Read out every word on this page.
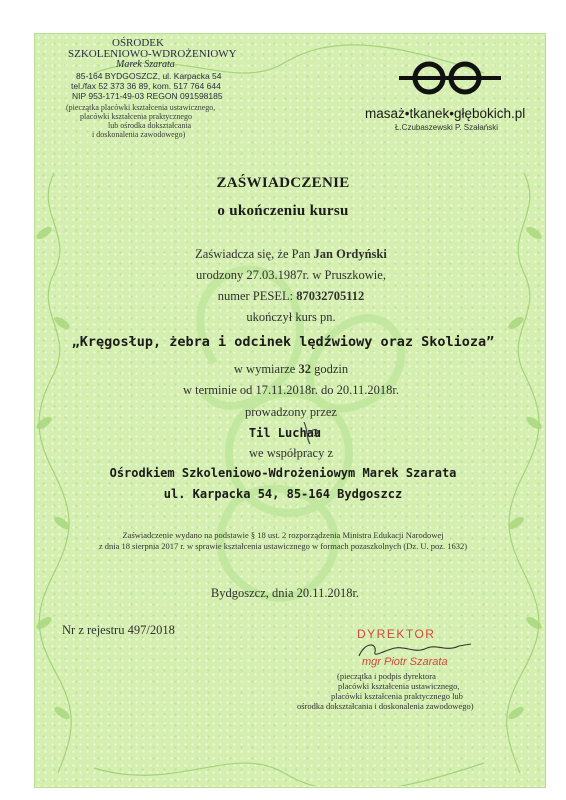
OŚRODEK
SZKOLENIOWO-WDROŻENIOWY
Marek Szarata
85-164 BYDGOSZCZ, ul. Karpacka 54
tel./fax 52 373 36 89, kom. 517 764 644
NIP 953-171-49-03 REGON 091598185
(pieczątka placówki kształcenia ustawicznego,
placówki kształcenia praktycznego
lub ośrodka dokształcania
i doskonalenia zawodowego)
masaż•tkanek•głębokich.pl
Ł.Czubaszewski P. Szałański
ZAŚWIADCZENIE
o ukończeniu kursu
Zaświadcza się, że Pan Jan Ordyński
urodzony 27.03.1987r. w Pruszkowie,
numer PESEL: 87032705112
ukończył kurs pn.
„Kręgosłup, żebra i odcinek lędźwiowy oraz Skolioza”
w wymiarze 32 godzin
w terminie od 17.11.2018r. do 20.11.2018r.
prowadzony przez
Til Luchau
we współpracy z
Ośrodkiem Szkoleniowo-Wdrożeniowym Marek Szarata
ul. Karpacka 54, 85-164 Bydgoszcz
Zaświadczenie wydano na podstawie § 18 ust. 2 rozporządzenia Ministra Edukacji Narodowej
z dnia 18 sierpnia 2017 r. w sprawie kształcenia ustawicznego w formach pozaszkolnych (Dz. U. poz. 1632)
Bydgoszcz, dnia 20.11.2018r.
Nr z rejestru 497/2018	DYREKTOR
mgr Piotr Szarata
(pieczątka i podpis dyrektora
placówki kształcenia ustawicznego,
placówki kształcenia praktycznego lub
ośrodka dokształcania i doskonalenia zawodowego)
